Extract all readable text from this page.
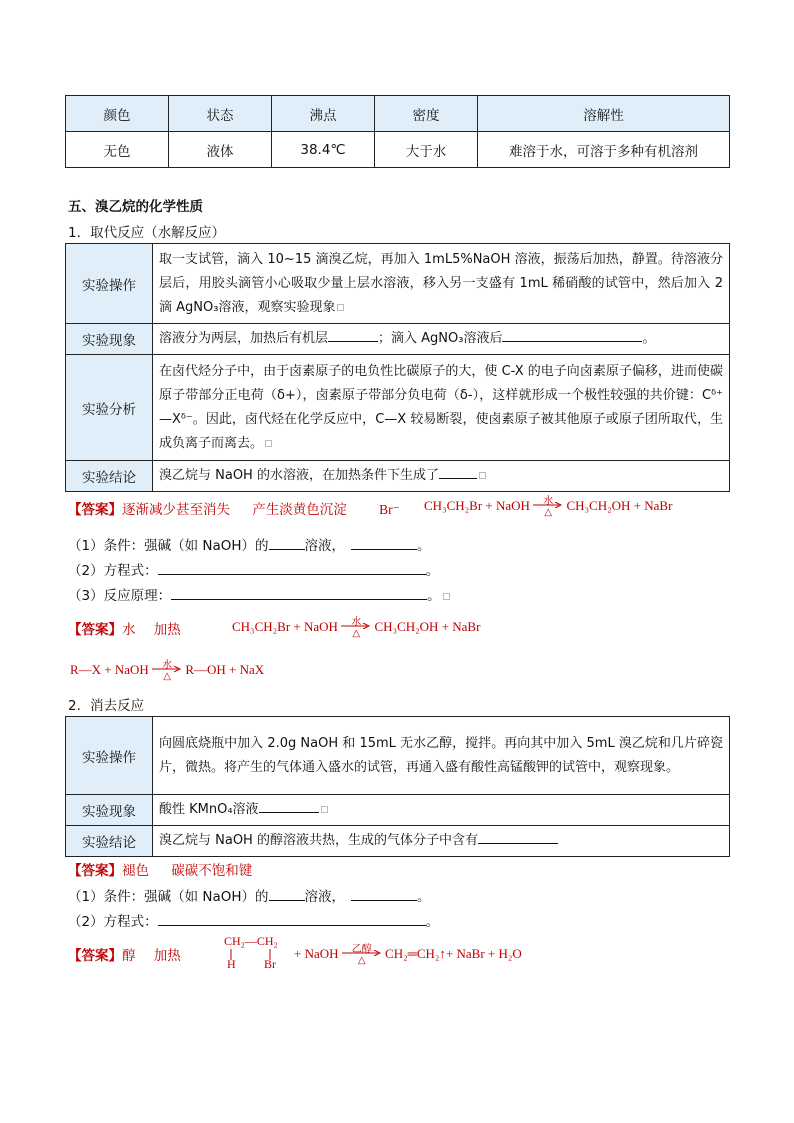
颜色	状态	沸点	密度	溶解性
无色	液体	38.4℃	大于水	难溶于水，可溶于多种有机溶剂
五、溴乙烷的化学性质
1．取代反应（水解反应）
实验操作	取一支试管，滴入 10~15 滴溴乙烷，再加入 1mL5%NaOH 溶液，振荡后加热，静置。待溶液分层后，用胶头滴管小心吸取少量上层水溶液，移入另一支盛有 1mL 稀硝酸的试管中，然后加入 2 滴 AgNO₃溶液，观察实验现象
实验现象	溶液分为两层，加热后有机层 ；滴入 AgNO₃溶液后 。
实验分析	在卤代烃分子中，由于卤素原子的电负性比碳原子的大，使 C-X 的电子向卤素原子偏移，进而使碳原子带部分正电荷（δ+），卤素原子带部分负电荷（δ-），这样就形成一个极性较强的共价键：Cᵟ⁺—Xᵟ⁻。因此，卤代烃在化学反应中，C—X 较易断裂，使卤素原子被其他原子或原子团所取代，生成负离子而离去。
实验结论	溴乙烷与 NaOH 的水溶液，在加热条件下生成了
【答案】逐渐减少甚至消失 产生淡黄色沉淀 Br⁻ CH₃CH₂Br + NaOH	水
△	CH₃CH₂OH + NaBr
（1）条件：强碱（如 NaOH）的	溶液，	。
（2）方程式：	。
（3）反应原理：	。
【答案】水 加热	CH₃CH₂Br + NaOH	水
△	CH₃CH₂OH + NaBr
R—X + NaOH	水
△	R—OH + NaX
2．消去反应
实验操作	向圆底烧瓶中加入 2.0g NaOH 和 15mL 无水乙醇，搅拌。再向其中加入 5mL 溴乙烷和几片碎瓷片，微热。将产生的气体通入盛水的试管，再通入盛有酸性高锰酸钾的试管中，观察现象。
实验现象	酸性 KMnO₄溶液
实验结论	溴乙烷与 NaOH 的醇溶液共热，生成的气体分子中含有
【答案】褪色 碳碳不饱和键
（1）条件：强碱（如 NaOH）的	溶液，	。
（2）方程式：	。
【答案】醇 加热
CH₂—CH₂
H Br
+ NaOH	乙醇
△	CH₂═CH₂↑+ NaBr + H₂O
